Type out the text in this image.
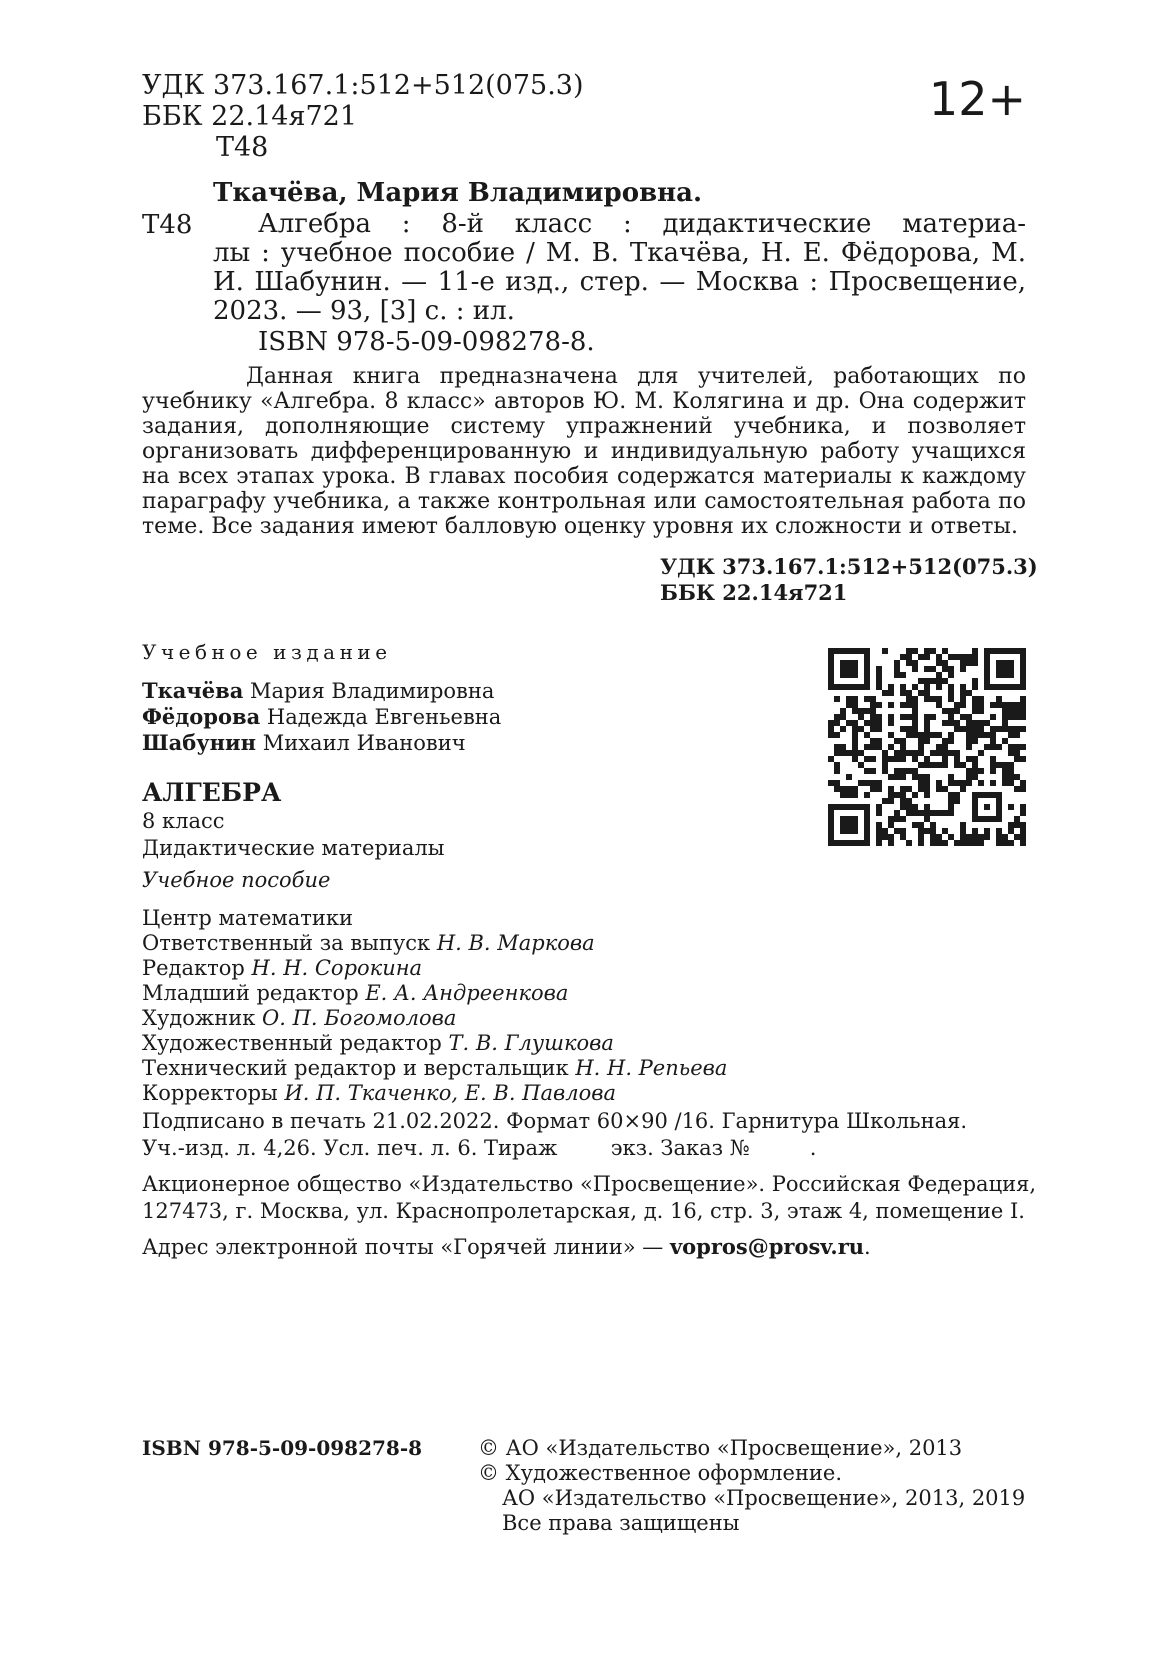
УДК 373.167.1:512+512(075.3)
ББК 22.14я721
Т48
12+
Ткачёва, Мария Владимировна.
Т48	Алгебра : 8-й класс : дидактические материа-
лы : учебное пособие / М. В. Ткачёва, Н. Е. Фёдорова, М. И. Шабунин. — 11-е изд., стер. — Москва : Просвещение, 2023. — 93, [3] с. : ил.
ISBN 978-5-09-098278-8.
Данная книга предназначена для учителей, работающих по учебнику «Алгебра. 8 класс» авторов Ю. М. Колягина и др. Она содержит задания, дополняющие систему упражнений учебника, и позволяет организовать дифференцированную и индивидуальную работу учащихся на всех этапах урока. В главах пособия содержатся материалы к каждому параграфу учебника, а также контрольная или самостоятельная работа по теме. Все задания имеют балловую оценку уровня их сложности и ответы.
УДК 373.167.1:512+512(075.3)
ББК 22.14я721
Учебное издание
Ткачёва Мария Владимировна
Фёдорова Надежда Евгеньевна
Шабунин Михаил Иванович
АЛГЕБРА
8 класс
Дидактические материалы
Учебное пособие
Центр математики
Ответственный за выпуск Н. В. Маркова
Редактор Н. Н. Сорокина
Младший редактор Е. А. Андреенкова
Художник О. П. Богомолова
Художественный редактор Т. В. Глушкова
Технический редактор и верстальщик Н. Н. Репьева
Корректоры И. П. Ткаченко, Е. В. Павлова
Подписано в печать 21.02.2022. Формат 60×90 /16. Гарнитура Школьная.
Уч.-изд. л. 4,26. Усл. печ. л. 6. Тираж        экз. Заказ №         .
Акционерное общество «Издательство «Просвещение». Российская Федерация,
127473, г. Москва, ул. Краснопролетарская, д. 16, стр. 3, этаж 4, помещение I.
Адрес электронной почты «Горячей линии» — vopros@prosv.ru.
ISBN 978-5-09-098278-8	© АО «Издательство «Просвещение», 2013
© Художественное оформление.
АО «Издательство «Просвещение», 2013, 2019
Все права защищены
